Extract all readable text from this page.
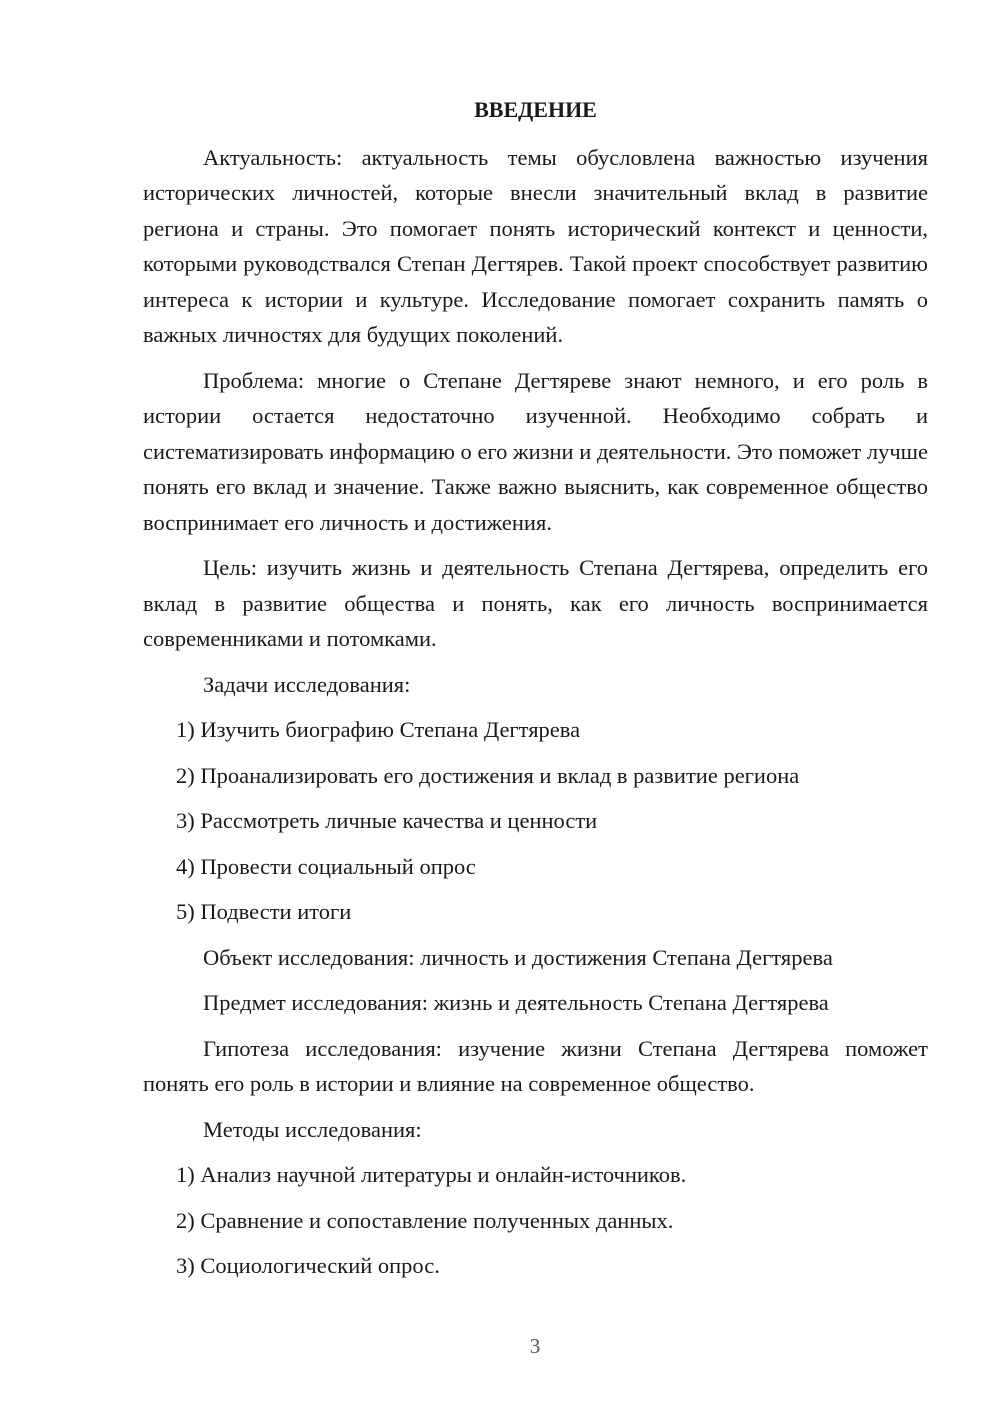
ВВЕДЕНИЕ

Актуальность: актуальность темы обусловлена важностью изучения исторических личностей, которые внесли значительный вклад в развитие региона и страны. Это помогает понять исторический контекст и ценности, которыми руководствался Степан Дегтярев. Такой проект способствует развитию интереса к истории и культуре. Исследование помогает сохранить память о важных личностях для будущих поколений.

Проблема: многие о Степане Дегтяреве знают немного, и его роль в истории остается недостаточно изученной. Необходимо собрать и систематизировать информацию о его жизни и деятельности. Это поможет лучше понять его вклад и значение. Также важно выяснить, как современное общество воспринимает его личность и достижения.

Цель: изучить жизнь и деятельность Степана Дегтярева, определить его вклад в развитие общества и понять, как его личность воспринимается современниками и потомками.

Задачи исследования:

1) Изучить биографию Степана Дегтярева
2) Проанализировать его достижения и вклад в развитие региона
3) Рассмотреть личные качества и ценности
4) Провести социальный опрос
5) Подвести итоги

Объект исследования: личность и достижения Степана Дегтярева

Предмет исследования: жизнь и деятельность Степана Дегтярева

Гипотеза исследования: изучение жизни Степана Дегтярева поможет понять его роль в истории и влияние на современное общество.

Методы исследования:

1) Анализ научной литературы и онлайн-источников.
2) Сравнение и сопоставление полученных данных.
3) Социологический опрос.
3
